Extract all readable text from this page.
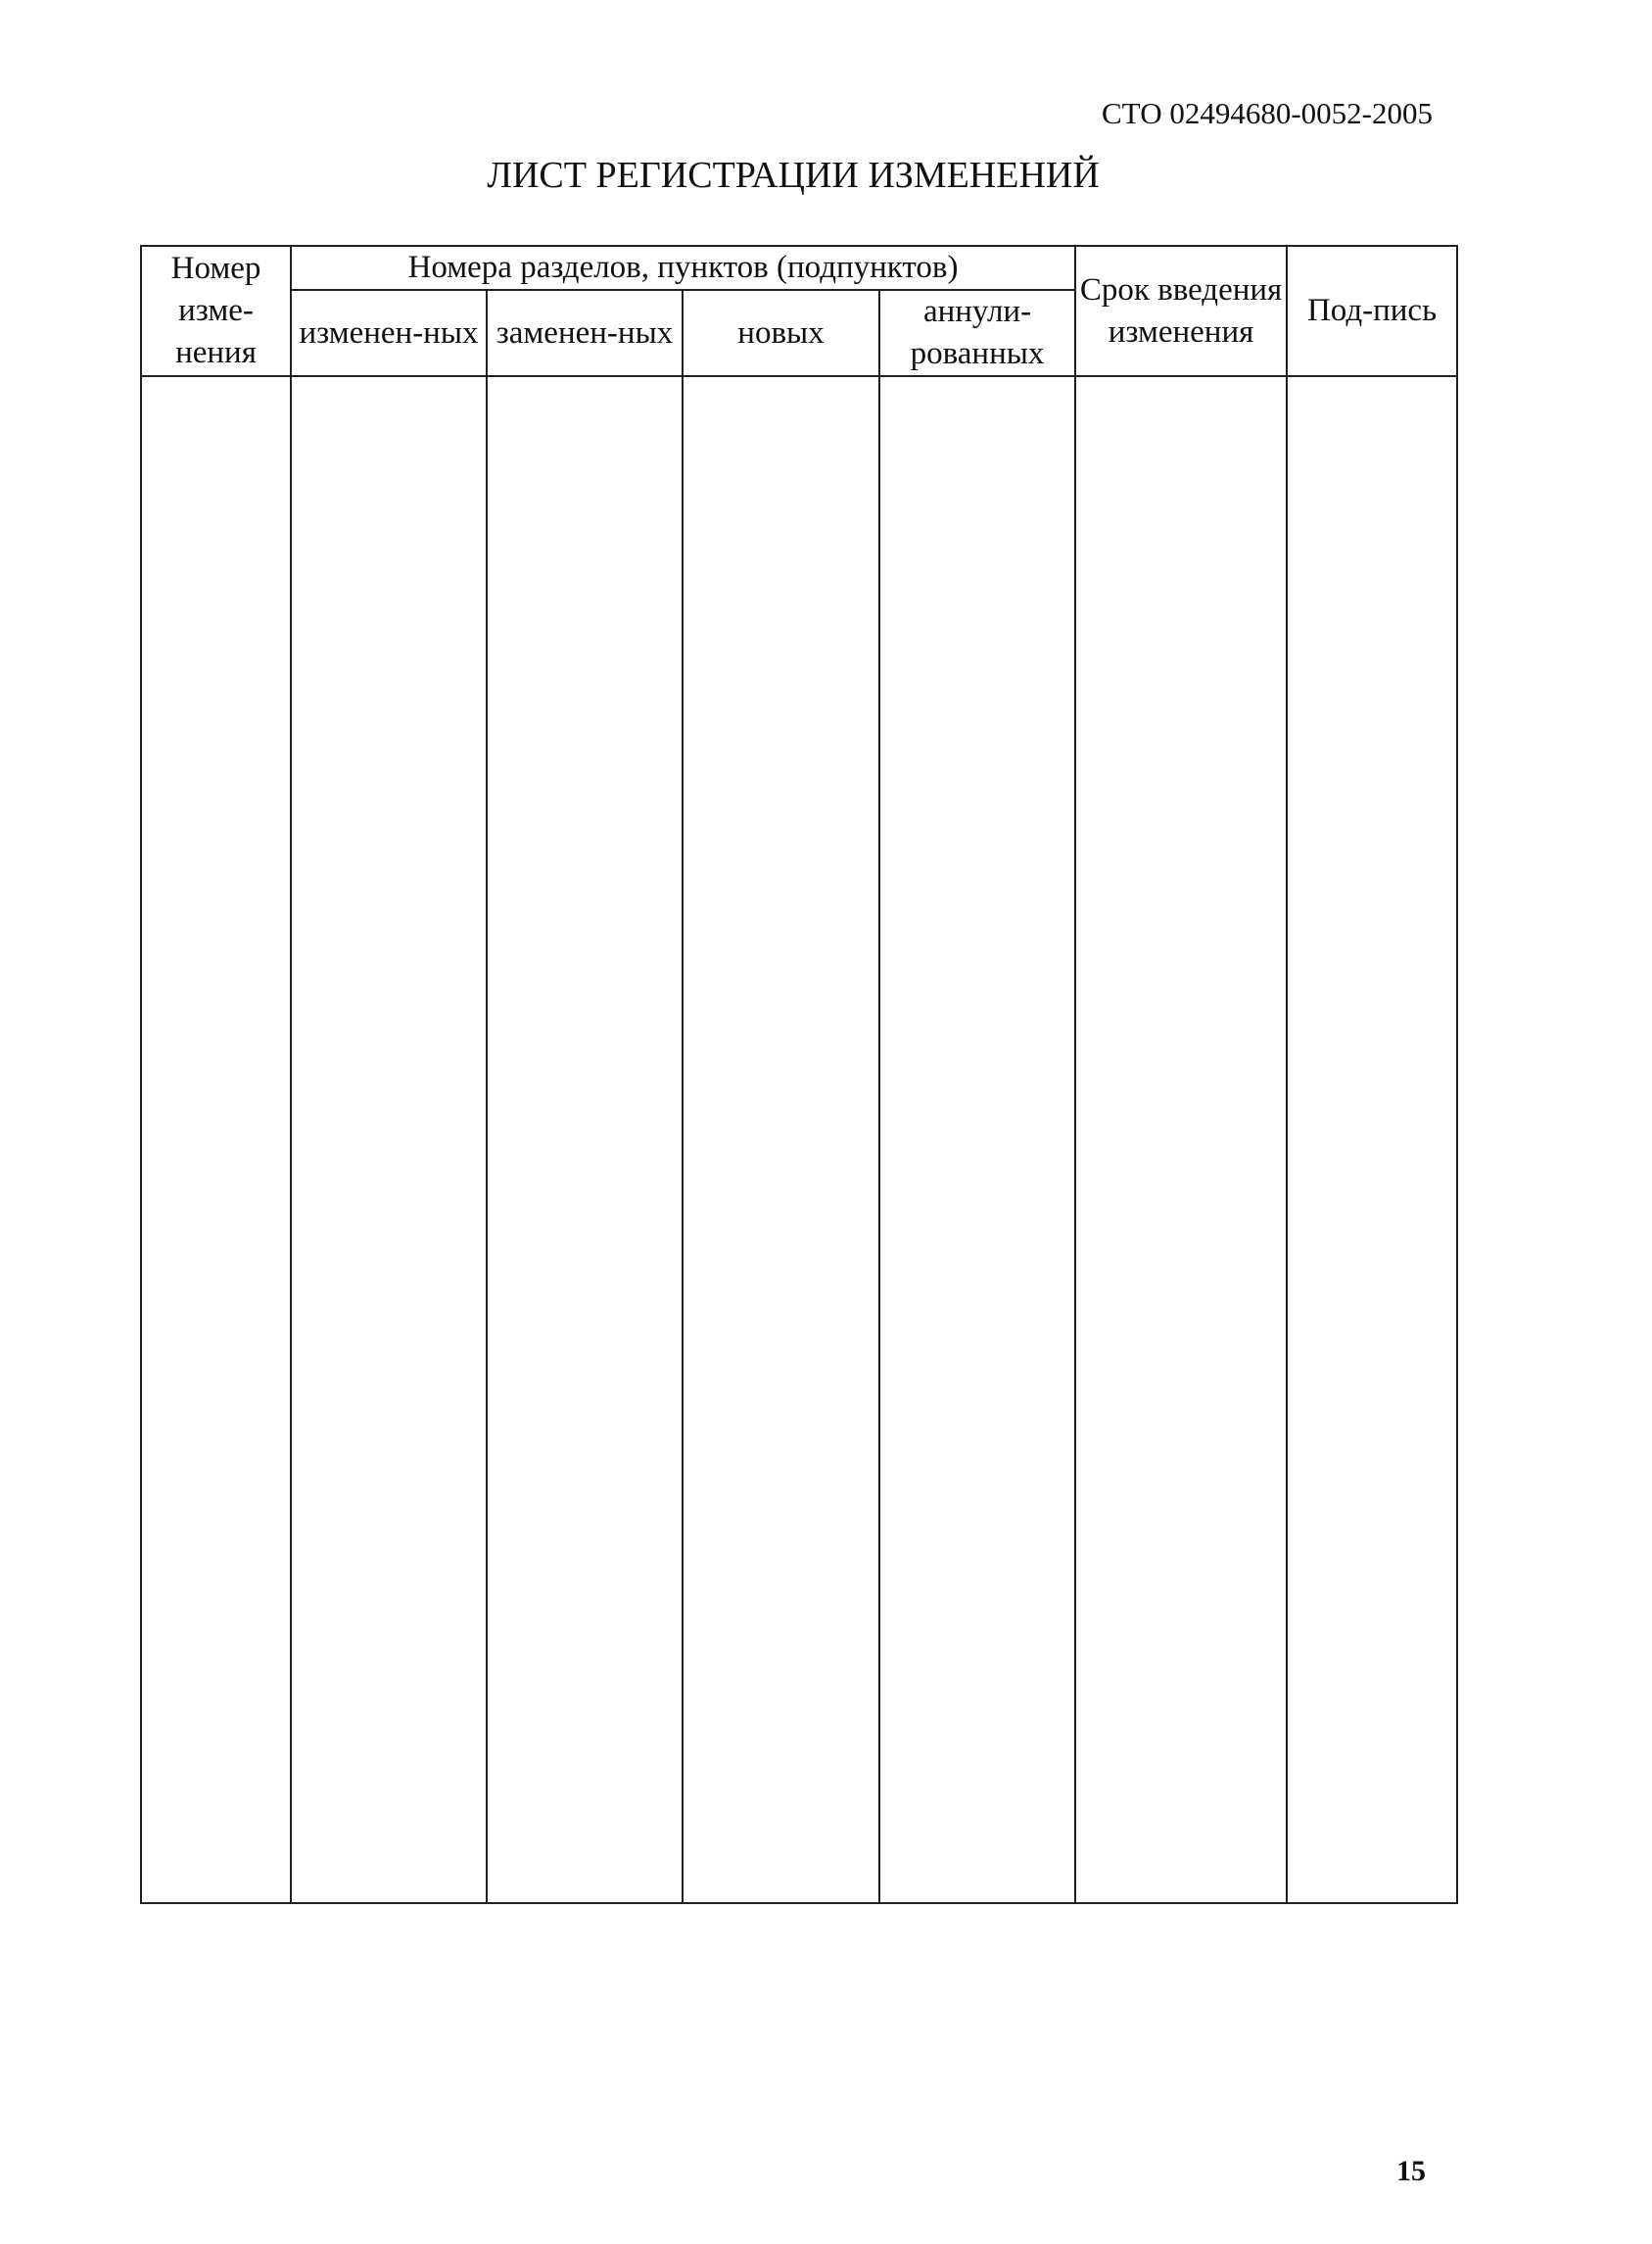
СТО 02494680-0052-2005
ЛИСТ РЕГИСТРАЦИИ ИЗМЕНЕНИЙ
Номер изме-нения	Номера разделов, пунктов (подпунктов)				Срок введения изменения	Под-пись
	изменен-ных	заменен-ных	новых	аннули-рованных		

15
